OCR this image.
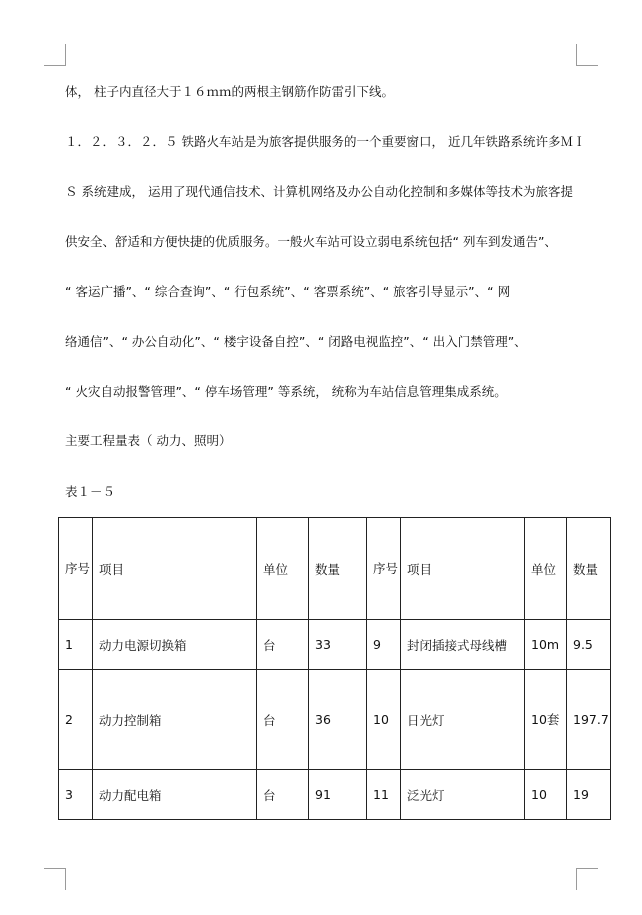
体， 柱子内直径大于１６ｍｍ的两根主钢筋作防雷引下线。
１．２．３．２．５ 铁路火车站是为旅客提供服务的一个重要窗口， 近几年铁路系统许多ＭＩ
Ｓ 系统建成， 运用了现代通信技术、计算机网络及办公自动化控制和多媒体等技术为旅客提
供安全、舒适和方便快捷的优质服务。一般火车站可设立弱电系统包括“ 列车到发通告”、
“ 客运广播”、“ 综合查询”、“ 行包系统”、“ 客票系统”、“ 旅客引导显示”、“ 网
络通信”、“ 办公自动化”、“ 楼宇设备自控”、“ 闭路电视监控”、“ 出入门禁管理”、
“ 火灾自动报警管理”、“ 停车场管理” 等系统， 统称为车站信息管理集成系统。
主要工程量表（ 动力、照明）
表１－５
序号	项目	单位	数量	序号	项目	单位	数量
1	动力电源切换箱	台	33	9	封闭插接式母线槽	10m	9.5
2	动力控制箱	台	36	10	日光灯	10套	197.7
3	动力配电箱	台	91	11	泛光灯	10	19
